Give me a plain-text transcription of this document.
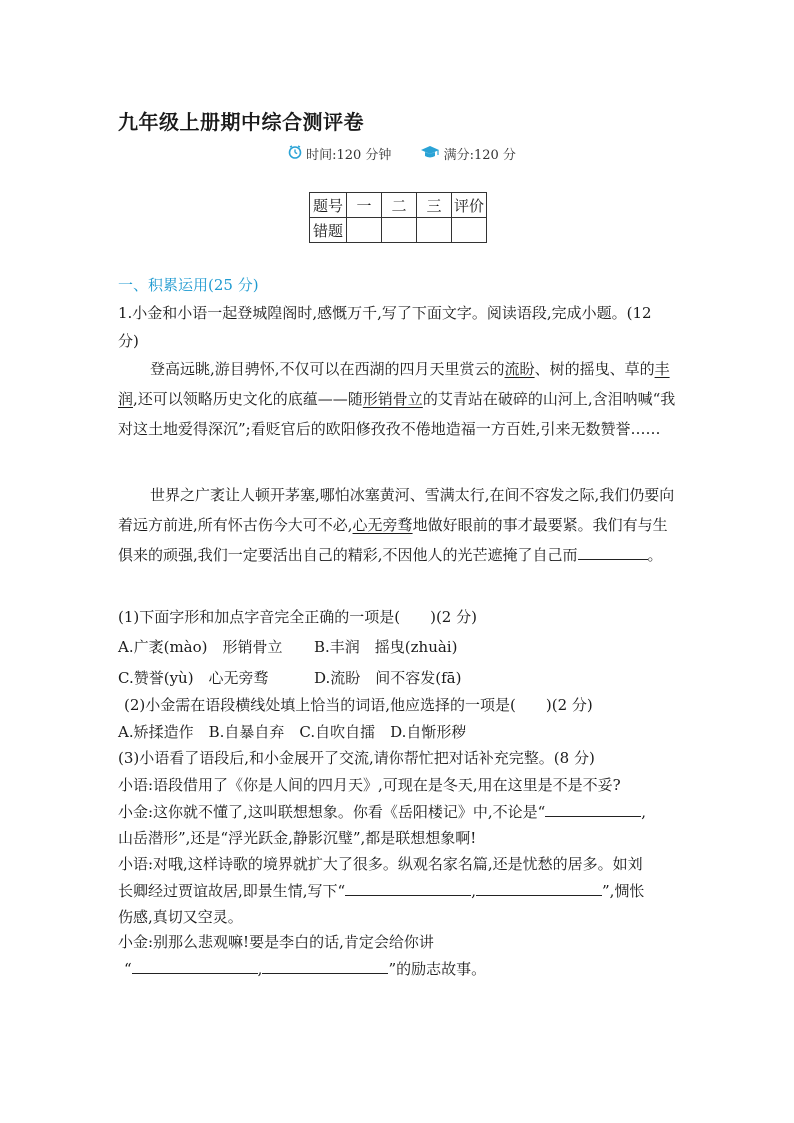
九年级上册期中综合测评卷
时间:120 分钟	满分:120 分
题号	一	二	三	评价
错题				
一、积累运用(25 分)
1.小金和小语一起登城隍阁时,感慨万千,写了下面文字。阅读语段,完成小题。(12
分)
登高远眺,游目骋怀,不仅可以在西湖的四月天里赏云的流盼、树的摇曳、草的丰润,还可以领略历史文化的底蕴——随形销骨立的艾青站在破碎的山河上,含泪呐喊“我对这土地爱得深沉”;看贬官后的欧阳修孜孜不倦地造福一方百姓,引来无数赞誉……
世界之广袤让人顿开茅塞,哪怕冰塞黄河、雪满太行,在间不容发之际,我们仍要向着远方前进,所有怀古伤今大可不必,心无旁骛地做好眼前的事才最要紧。我们有与生俱来的顽强,我们一定要活出自己的精彩,不因他人的光芒遮掩了自己而	。
(1)下面字形和加点字音完全正确的一项是(　　)(2 分)
A.广袤(mào)　形销骨立 B.丰润　摇曳(zhuài)
C.赞誉(yù)　心无旁骛	D.流盼　间不容发(fā)
(2)小金需在语段横线处填上恰当的词语,他应选择的一项是(　　)(2 分)
A.矫揉造作　B.自暴自弃　C.自吹自擂　D.自惭形秽
(3)小语看了语段后,和小金展开了交流,请你帮忙把对话补充完整。(8 分)
小语:语段借用了《你是人间的四月天》,可现在是冬天,用在这里是不是不妥?
小金:这你就不懂了,这叫联想想象。你看《岳阳楼记》中,不论是“	,
山岳潜形”,还是“浮光跃金,静影沉璧”,都是联想想象啊!
小语:对哦,这样诗歌的境界就扩大了很多。纵观名家名篇,还是忧愁的居多。如刘
长卿经过贾谊故居,即景生情,写下“	,	”,惆怅
伤感,真切又空灵。
小金:别那么悲观嘛!要是李白的话,肯定会给你讲
“	,	”的励志故事。
